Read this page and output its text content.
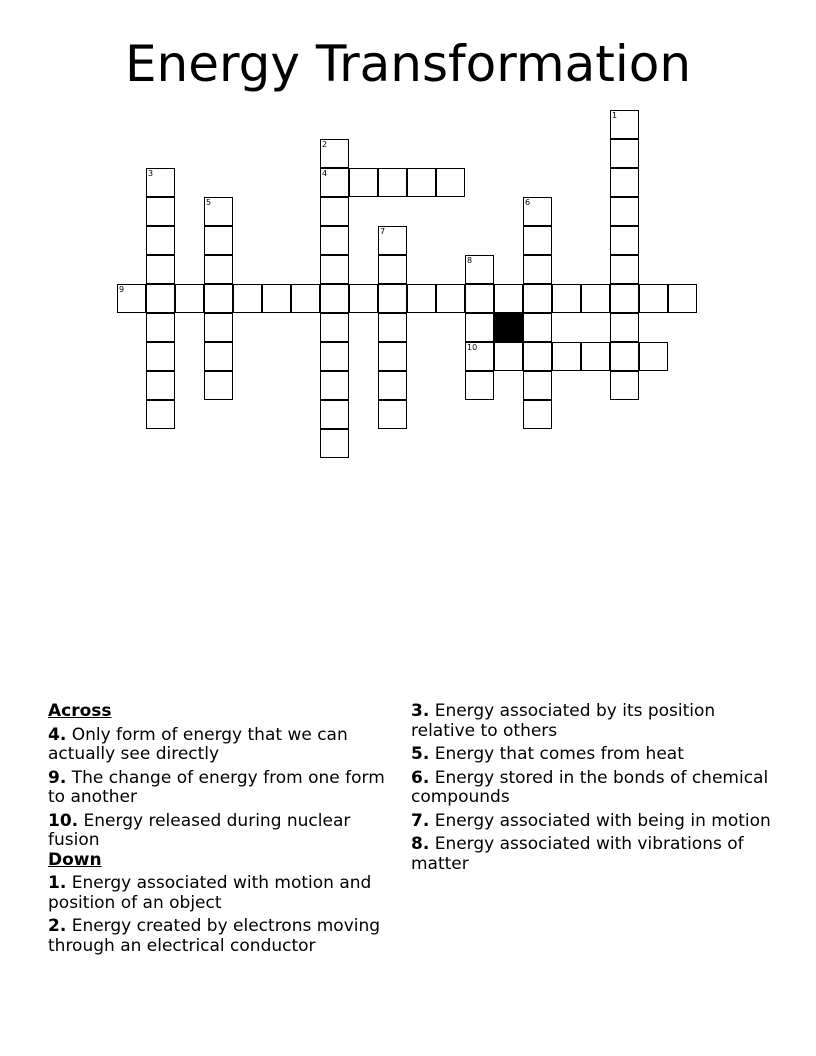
Energy Transformation
1
2
4
3
5	6
7
8
10
9
Across
4. Only form of energy that we can actually see directly
9. The change of energy from one form to another
10. Energy released during nuclear fusion
Down
1. Energy associated with motion and position of an object
2. Energy created by electrons moving through an electrical conductor
3. Energy associated by its position relative to others
5. Energy that comes from heat
6. Energy stored in the bonds of chemical compounds
7. Energy associated with being in motion
8. Energy associated with vibrations of matter
